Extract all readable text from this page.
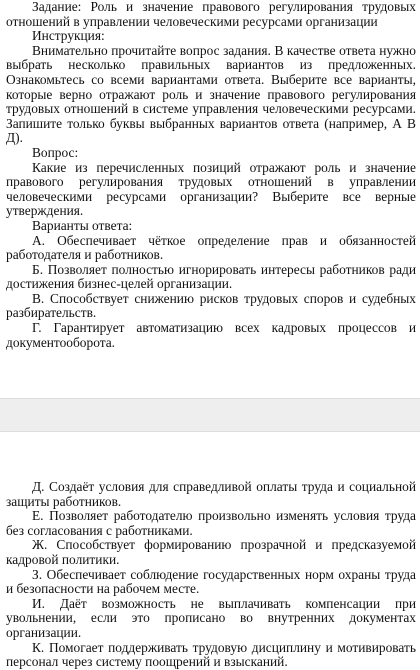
Задание: Роль и значение правового регулирования трудовых отношений в управлении человеческими ресурсами организации

Инструкция:

Внимательно прочитайте вопрос задания. В качестве ответа нужно выбрать несколько правильных вариантов из предложенных. Ознакомьтесь со всеми вариантами ответа. Выберите все варианты, которые верно отражают роль и значение правового регулирования трудовых отношений в системе управления человеческими ресурсами. Запишите только буквы выбранных вариантов ответа (например, А В Д).

Вопрос:

Какие из перечисленных позиций отражают роль и значение правового регулирования трудовых отношений в управлении человеческими ресурсами организации? Выберите все верные утверждения.

Варианты ответа:

А. Обеспечивает чёткое определение прав и обязанностей работодателя и работников.

Б. Позволяет полностью игнорировать интересы работников ради достижения бизнес-целей организации.

В. Способствует снижению рисков трудовых споров и судебных разбирательств.

Г. Гарантирует автоматизацию всех кадровых процессов и документооборота.

Д. Создаёт условия для справедливой оплаты труда и социальной защиты работников.

Е. Позволяет работодателю произвольно изменять условия труда без согласования с работниками.

Ж. Способствует формированию прозрачной и предсказуемой кадровой политики.

З. Обеспечивает соблюдение государственных норм охраны труда и безопасности на рабочем месте.

И. Даёт возможность не выплачивать компенсации при увольнении, если это прописано во внутренних документах организации.

К. Помогает поддерживать трудовую дисциплину и мотивировать персонал через систему поощрений и взысканий.
